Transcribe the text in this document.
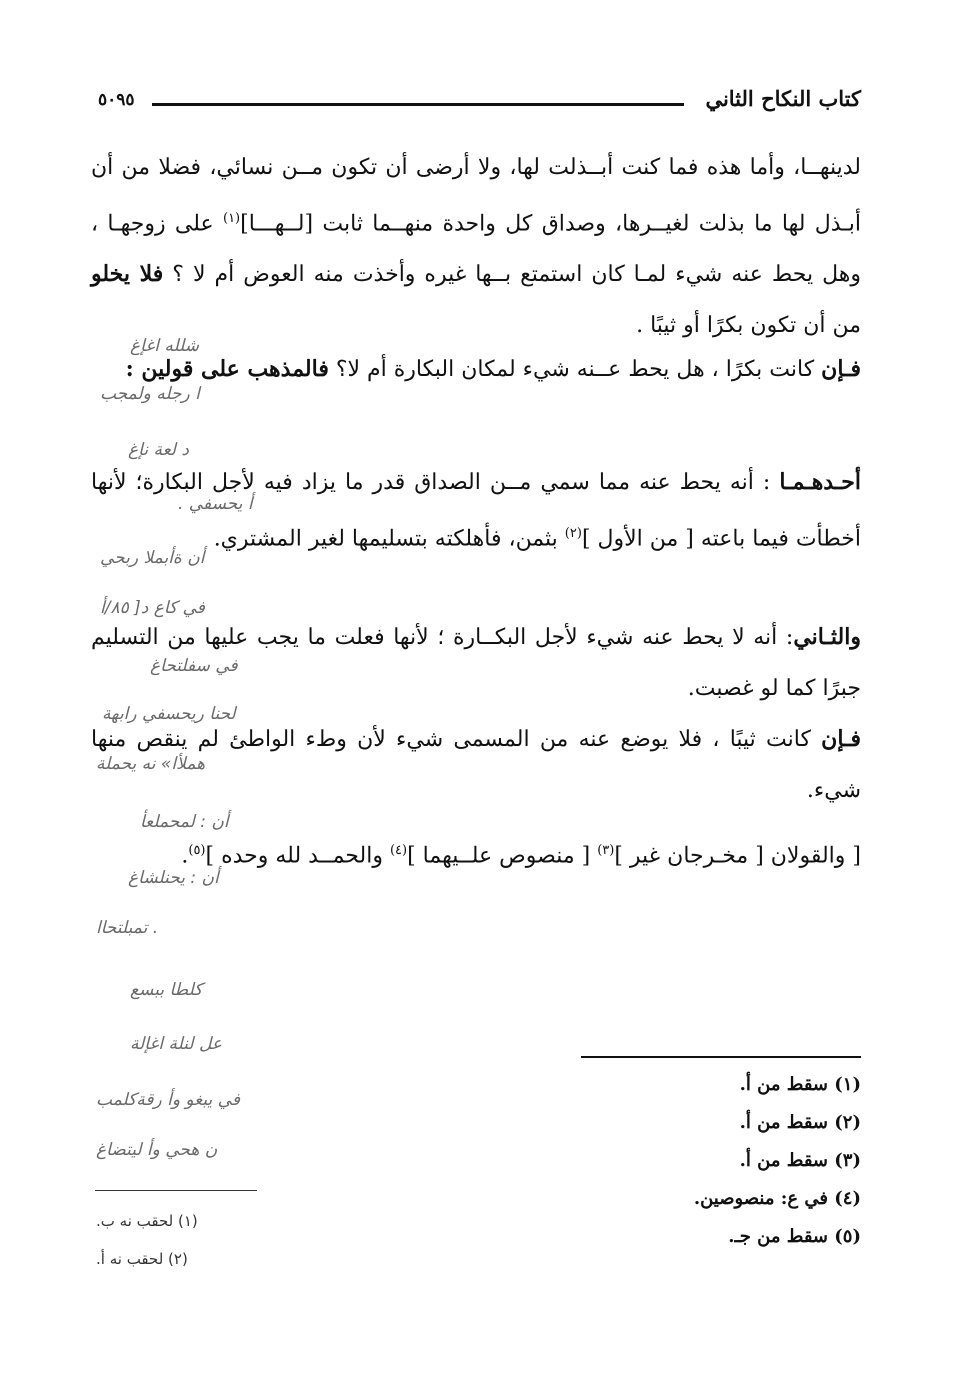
كتاب النكاح الثاني
٥٠٩٥
لدينهــا، وأما هذه فما كنت أبــذلت لها، ولا أرضى أن تكون مــن نسائي، فضلا من أن أبـذل لها ما بذلت لغيــرها، وصداق كل واحدة منهــما ثابت [لــهـــا]$^{(١)}$ على زوجهـا ، وهل يحط عنه شيء لمـا كان استمتع بــها غيره وأخذت منه العوض أم لا ؟ فلا يخلو من أن تكون بكرًا أو ثيبًا .
فـإن كانت بكرًا ، هل يحط عــنه شيء لمكان البكارة أم لا؟ فالمذهب على قولين :
أحـدهـمـا : أنه يحط عنه مما سمي مــن الصداق قدر ما يزاد فيه لأجل البكارة؛ لأنها أخطأت فيما باعته [ من الأول ]$^{(٢)}$ بثمن، فأهلكته بتسليمها لغير المشتري.
والثـاني: أنه لا يحط عنه شيء لأجل البكــارة ؛ لأنها فعلت ما يجب عليها من التسليم جبرًا كما لو غصبت.
فـإن كانت ثيبًا ، فلا يوضع عنه من المسمى شيء لأن وطء الواطئ لم ينقص منها شيء.
[ والقولان [ مخـرجان غير ]$^{(٣)}$ [ منصوص علــيهما ]$^{(٤)}$ والحمــد لله وحده ]$^{(٥)}$.
شلله اغإغ
ا رجله ولمجب
د لعة نإغ
أ يحسفي .
أن ةأبملا ربحي
في كاع د[ ٨٥/أ
في سفلتحاغ
لحنا ريحسفي رابهة
هملأا» نه يحملة
أن : لمحملعأ
أن : يحنلشاغ
. تمبلتحاا
كلطا ببسع
عل لنلة اغإلة
في يبغو وأ رقةكلمب
ن هحي وأ ليتضاغ
(١) سقط من أ.
(٢) سقط من أ.
(٣) سقط من أ.
(٤) في ع: منصوصين.
(٥) سقط من جـ.
(١) لحقب نه ب.
(٢) لحقب نه أ.
